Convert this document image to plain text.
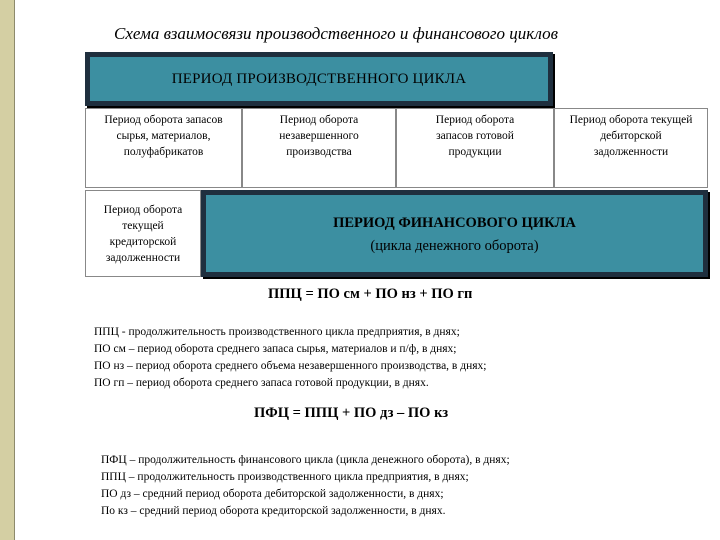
Схема взаимосвязи производственного и финансового циклов
ПЕРИОД ПРОИЗВОДСТВЕННОГО ЦИКЛА
Период оборота запасов сырья, материалов, полуфабрикатов
Период оборота незавершенного производства
Период оборота запасов готовой продукции
Период оборота текущей дебиторской задолженности
Период оборота текущей кредиторской задолженности
ПЕРИОД ФИНАНСОВОГО ЦИКЛА
(цикла денежного оборота)
ППЦ = ПО см + ПО нз + ПО гп
ППЦ - продолжительность производственного цикла предприятия, в днях;
ПО см – период оборота среднего запаса сырья, материалов и п/ф, в днях;
ПО нз – период оборота среднего объема незавершенного производства, в днях;
ПО гп – период оборота среднего запаса готовой продукции, в днях.
ПФЦ = ППЦ + ПО дз – ПО кз
ПФЦ – продолжительность финансового цикла (цикла денежного оборота), в днях;
ППЦ – продолжительность производственного цикла предприятия, в днях;
ПО дз – средний период оборота дебиторской задолженности, в днях;
По кз – средний период оборота кредиторской задолженности, в днях.
